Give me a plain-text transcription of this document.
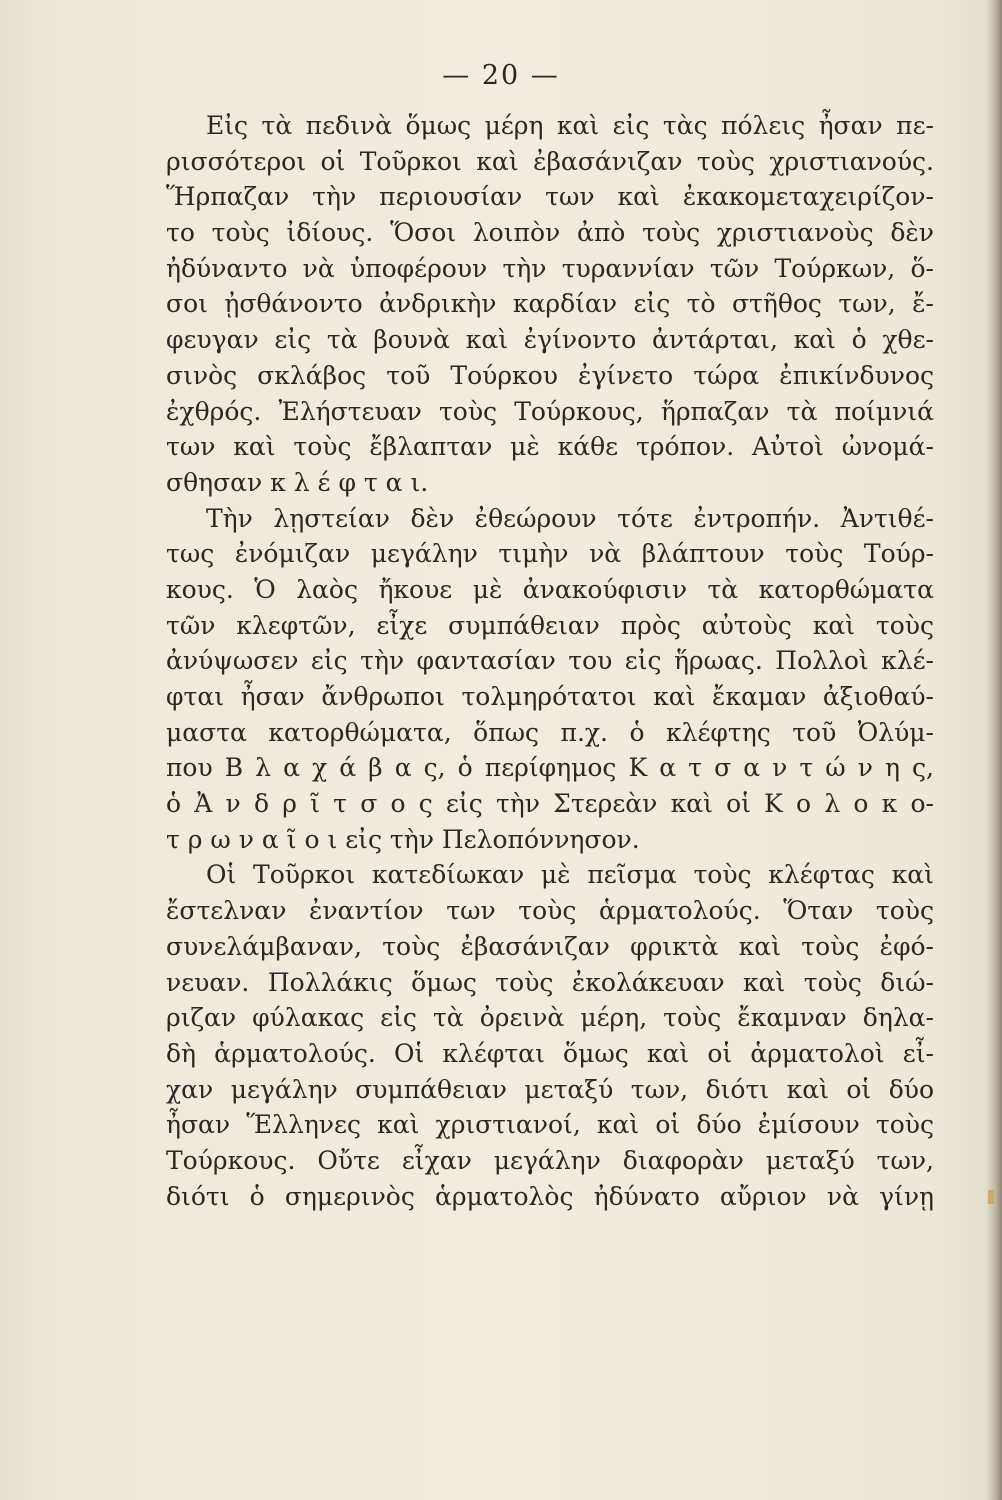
— 20 —
Εἰς τὰ πεδινὰ ὅμως μέρη καὶ εἰς τὰς πόλεις ἦσαν πε-
ρισσότεροι οἱ Τοῦρκοι καὶ ἐβασάνιζαν τοὺς χριστιανούς.
Ἥρπαζαν τὴν περιουσίαν των καὶ ἐκακομεταχειρίζον-
το τοὺς ἰδίους. Ὅσοι λοιπὸν ἀπὸ τοὺς χριστιανοὺς δὲν
ἠδύναντο νὰ ὑποφέρουν τὴν τυραννίαν τῶν Τούρκων, ὅ-
σοι ᾐσθάνοντο ἀνδρικὴν καρδίαν εἰς τὸ στῆθος των, ἔ-
φευγαν εἰς τὰ βουνὰ καὶ ἐγίνοντο ἀντάρται, καὶ ὁ χθε-
σινὸς σκλάβος τοῦ Τούρκου ἐγίνετο τώρα ἐπικίνδυνος
ἐχθρός. Ἐλήστευαν τοὺς Τούρκους, ἥρπαζαν τὰ ποίμνιά
των καὶ τοὺς ἔβλαπταν μὲ κάθε τρόπον. Αὐτοὶ ὠνομά-
σθησαν κ λ έ φ τ α ι.
Τὴν λῃστείαν δὲν ἐθεώρουν τότε ἐντροπήν. Ἀντιθέ-
τως ἐνόμιζαν μεγάλην τιμὴν νὰ βλάπτουν τοὺς Τούρ-
κους. Ὁ λαὸς ἤκουε μὲ ἀνακούφισιν τὰ κατορθώματα
τῶν κλεφτῶν, εἶχε συμπάθειαν πρὸς αὐτοὺς καὶ τοὺς
ἀνύψωσεν εἰς τὴν φαντασίαν του εἰς ἥρωας. Πολλοὶ κλέ-
φται ἦσαν ἄνθρωποι τολμηρότατοι καὶ ἔκαμαν ἀξιοθαύ-
μαστα κατορθώματα, ὅπως π.χ. ὁ κλέφτης τοῦ Ὀλύμ-
που Β λ α χ ά β α ς, ὁ περίφημος Κ α τ σ α ν τ ώ ν η ς,
ὁ Ἀ ν δ ρ ῖ τ σ ο ς εἰς τὴν Στερεὰν καὶ οἱ Κ ο λ ο κ ο-
τ ρ ω ν α ῖ ο ι εἰς τὴν Πελοπόννησον.
Οἱ Τοῦρκοι κατεδίωκαν μὲ πεῖσμα τοὺς κλέφτας καὶ
ἔστελναν ἐναντίον των τοὺς ἁρματολούς. Ὅταν τοὺς
συνελάμβαναν, τοὺς ἐβασάνιζαν φρικτὰ καὶ τοὺς ἐφό-
νευαν. Πολλάκις ὅμως τοὺς ἐκολάκευαν καὶ τοὺς διώ-
ριζαν φύλακας εἰς τὰ ὀρεινὰ μέρη, τοὺς ἔκαμναν δηλα-
δὴ ἁρματολούς. Οἱ κλέφται ὅμως καὶ οἱ ἁρματολοὶ εἶ-
χαν μεγάλην συμπάθειαν μεταξύ των, διότι καὶ οἱ δύο
ἦσαν Ἕλληνες καὶ χριστιανοί, καὶ οἱ δύο ἐμίσουν τοὺς
Τούρκους. Οὔτε εἶχαν μεγάλην διαφορὰν μεταξύ των,
διότι ὁ σημερινὸς ἁρματολὸς ἠδύνατο αὔριον νὰ γίνῃ
